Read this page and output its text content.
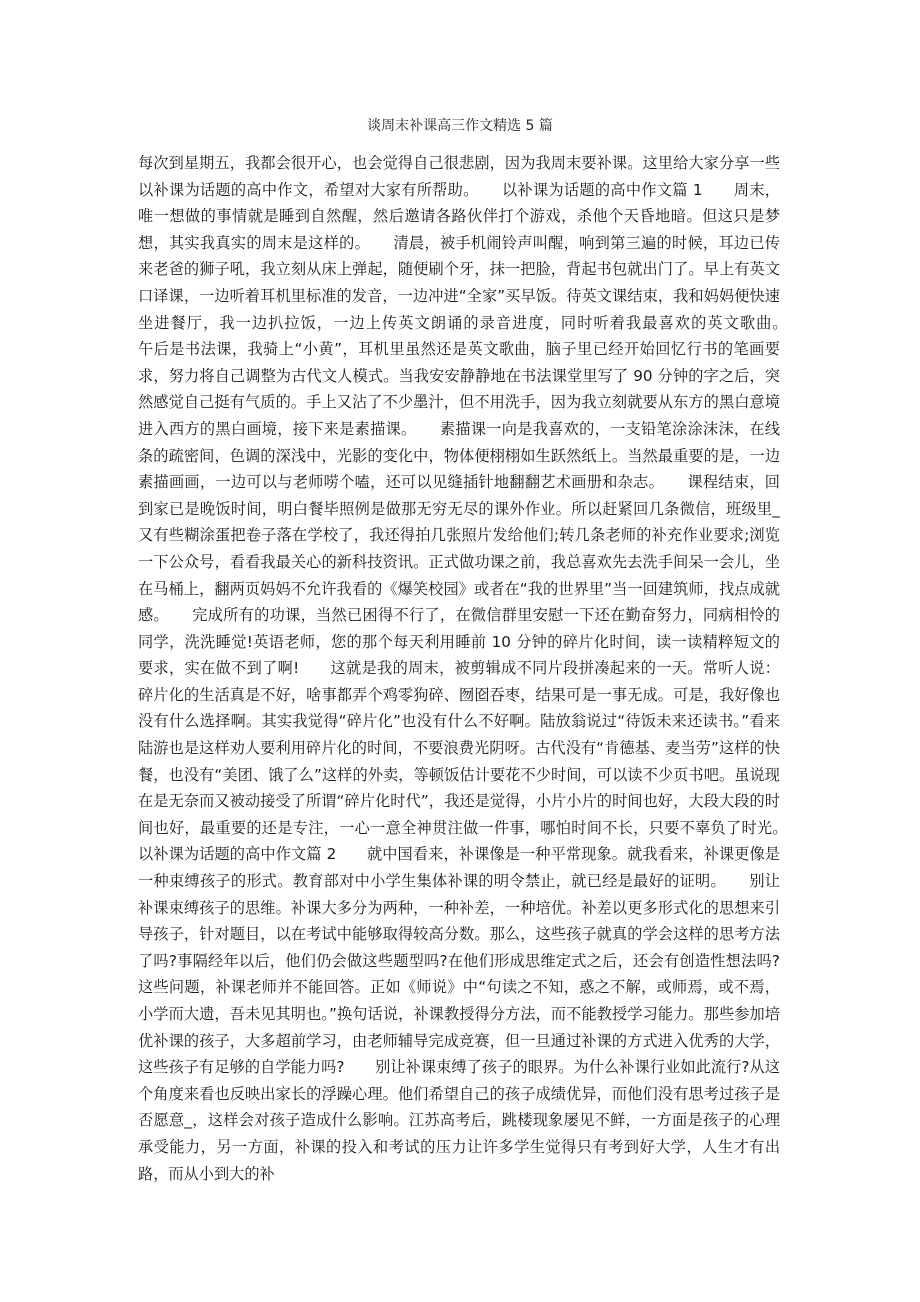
谈周末补课高三作文精选 5 篇

每次到星期五，我都会很开心，也会觉得自己很悲剧，因为我周末要补课。这里给大家分享一些以补课为话题的高中作文，希望对大家有所帮助。　　以补课为话题的高中作文篇 1　　周末，唯一想做的事情就是睡到自然醒，然后邀请各路伙伴打个游戏，杀他个天昏地暗。但这只是梦想，其实我真实的周末是这样的。　　清晨，被手机闹铃声叫醒，响到第三遍的时候，耳边已传来老爸的狮子吼，我立刻从床上弹起，随便刷个牙，抹一把脸，背起书包就出门了。早上有英文口译课，一边听着耳机里标准的发音，一边冲进“全家”买早饭。待英文课结束，我和妈妈便快速坐进餐厅，我一边扒拉饭，一边上传英文朗诵的录音进度，同时听着我最喜欢的英文歌曲。　　午后是书法课，我骑上“小黄”，耳机里虽然还是英文歌曲，脑子里已经开始回忆行书的笔画要求，努力将自己调整为古代文人模式。当我安安静静地在书法课堂里写了 90 分钟的字之后，突然感觉自己挺有气质的。手上又沾了不少墨汁，但不用洗手，因为我立刻就要从东方的黑白意境进入西方的黑白画境，接下来是素描课。　　素描课一向是我喜欢的，一支铅笔涂涂沫沫，在线条的疏密间，色调的深浅中，光影的变化中，物体便栩栩如生跃然纸上。当然最重要的是，一边素描画画，一边可以与老师唠个嗑，还可以见缝插针地翻翻艺术画册和杂志。　　课程结束，回到家已是晚饭时间，明白餐毕照例是做那无穷无尽的课外作业。所以赶紧回几条微信，班级里_又有些糊涂蛋把卷子落在学校了，我还得拍几张照片发给他们;转几条老师的补充作业要求;浏览一下公众号，看看我最关心的新科技资讯。正式做功课之前，我总喜欢先去洗手间呆一会儿，坐在马桶上，翻两页妈妈不允许我看的《爆笑校园》或者在“我的世界里”当一回建筑师，找点成就感。　　完成所有的功课，当然已困得不行了，在微信群里安慰一下还在勤奋努力，同病相怜的同学，洗洗睡觉!英语老师，您的那个每天利用睡前 10 分钟的碎片化时间，读一读精粹短文的要求，实在做不到了啊!　　这就是我的周末，被剪辑成不同片段拼凑起来的一天。常听人说：碎片化的生活真是不好，啥事都弄个鸡零狗碎、囫囵吞枣，结果可是一事无成。可是，我好像也没有什么选择啊。其实我觉得“碎片化”也没有什么不好啊。陆放翁说过“待饭未来还读书。”看来陆游也是这样劝人要利用碎片化的时间，不要浪费光阴呀。古代没有“肯德基、麦当劳”这样的快餐，也没有“美团、饿了么”这样的外卖，等顿饭估计要花不少时间，可以读不少页书吧。虽说现在是无奈而又被动接受了所谓“碎片化时代”，我还是觉得，小片小片的时间也好，大段大段的时间也好，最重要的还是专注，一心一意全神贯注做一件事，哪怕时间不长，只要不辜负了时光。　　以补课为话题的高中作文篇 2　　就中国看来，补课像是一种平常现象。就我看来，补课更像是一种束缚孩子的形式。教育部对中小学生集体补课的明令禁止，就已经是最好的证明。　　别让补课束缚孩子的思维。补课大多分为两种，一种补差，一种培优。补差以更多形式化的思想来引导孩子，针对题目，以在考试中能够取得较高分数。那么，这些孩子就真的学会这样的思考方法了吗?事隔经年以后，他们仍会做这些题型吗?在他们形成思维定式之后，还会有创造性想法吗?这些问题，补课老师并不能回答。正如《师说》中“句读之不知，惑之不解，或师焉，或不焉，小学而大遗，吾未见其明也。”换句话说，补课教授得分方法，而不能教授学习能力。那些参加培优补课的孩子，大多超前学习，由老师辅导完成竞赛，但一旦通过补课的方式进入优秀的大学，这些孩子有足够的自学能力吗?　　别让补课束缚了孩子的眼界。为什么补课行业如此流行?从这个角度来看也反映出家长的浮躁心理。他们希望自己的孩子成绩优异，而他们没有思考过孩子是否愿意_，这样会对孩子造成什么影响。江苏高考后，跳楼现象屡见不鲜，一方面是孩子的心理承受能力，另一方面，补课的投入和考试的压力让许多学生觉得只有考到好大学，人生才有出路，而从小到大的补
